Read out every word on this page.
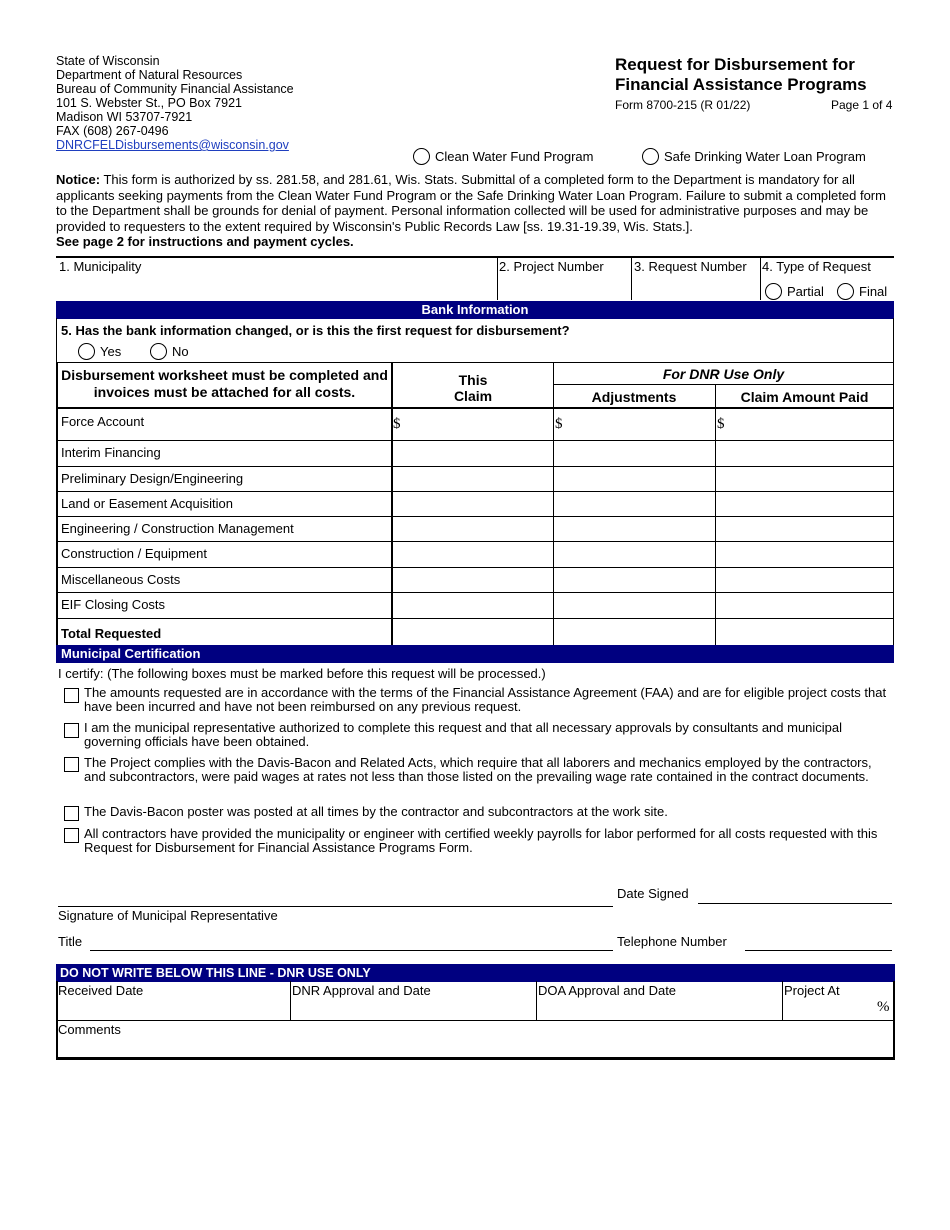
State of Wisconsin
Department of Natural Resources
Bureau of Community Financial Assistance
101 S. Webster St., PO Box 7921
Madison WI 53707-7921
FAX (608) 267-0496
DNRCFELDisbursements@wisconsin.gov
Request for Disbursement for
Financial Assistance Programs
Form 8700-215 (R 01/22)	Page 1 of 4
Clean Water Fund Program	Safe Drinking Water Loan Program
Notice: This form is authorized by ss. 281.58, and 281.61, Wis. Stats. Submittal of a completed form to the Department is mandatory for all applicants seeking payments from the Clean Water Fund Program or the Safe Drinking Water Loan Program. Failure to submit a completed form to the Department shall be grounds for denial of payment. Personal information collected will be used for administrative purposes and may be provided to requesters to the extent required by Wisconsin's Public Records Law [ss. 19.31-19.39, Wis. Stats.].
See page 2 for instructions and payment cycles.
1. Municipality	2. Project Number 3. Request Number 4. Type of Request
Partial	Final
Bank Information
5. Has the bank information changed, or is this the first request for disbursement?
Yes	No
Disbursement worksheet must be completed and invoices must be attached for all costs.
This Claim
For DNR Use Only
Adjustments	Claim Amount Paid
Force Account	$	$	$
Interim Financing
Preliminary Design/Engineering
Land or Easement Acquisition
Engineering / Construction Management
Construction / Equipment
Miscellaneous Costs
EIF Closing Costs
Total Requested
Municipal Certification
I certify: (The following boxes must be marked before this request will be processed.)
The amounts requested are in accordance with the terms of the Financial Assistance Agreement (FAA) and are for eligible project costs that have been incurred and have not been reimbursed on any previous request.
I am the municipal representative authorized to complete this request and that all necessary approvals by consultants and municipal governing officials have been obtained.
The Project complies with the Davis-Bacon and Related Acts, which require that all laborers and mechanics employed by the contractors, and subcontractors, were paid wages at rates not less than those listed on the prevailing wage rate contained in the contract documents.
The Davis-Bacon poster was posted at all times by the contractor and subcontractors at the work site.
All contractors have provided the municipality or engineer with certified weekly payrolls for labor performed for all costs requested with this Request for Disbursement for Financial Assistance Programs Form.
Date Signed
Signature of Municipal Representative
Title	Telephone Number
DO NOT WRITE BELOW THIS LINE - DNR USE ONLY
Received Date	DNR Approval and Date	DOA Approval and Date	Project At
%
Comments
